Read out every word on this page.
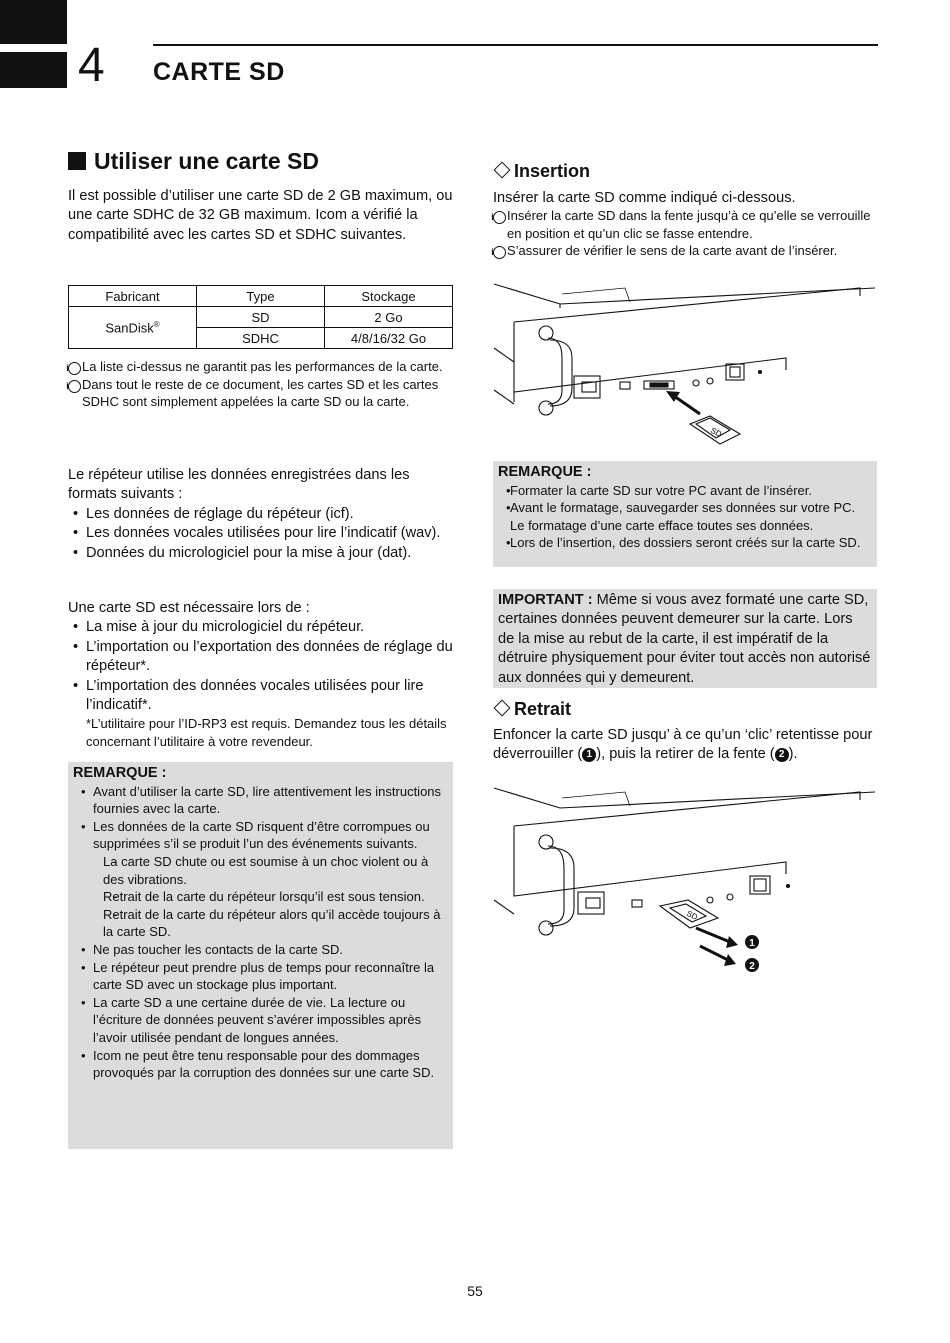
4 CARTE SD
Utiliser une carte SD
Il est possible d’utiliser une carte SD de 2 GB maximum, ou une carte SDHC de 32 GB maximum. Icom a vérifié la compatibilité avec les cartes SD et SDHC suivantes.
Fabricant	Type	Stockage
SanDisk®	SD	2 Go
	SDHC	4/8/16/32 Go
i La liste ci-dessus ne garantit pas les performances de la carte.
i Dans tout le reste de ce document, les cartes SD et les cartes SDHC sont simplement appelées la carte SD ou la carte.
Le répéteur utilise les données enregistrées dans les formats suivants :
• Les données de réglage du répéteur (icf).
• Les données vocales utilisées pour lire l’indicatif (wav).
• Données du micrologiciel pour la mise à jour (dat).
Une carte SD est nécessaire lors de :
• La mise à jour du micrologiciel du répéteur.
• L’importation ou l’exportation des données de réglage du répéteur*.
• L’importation des données vocales utilisées pour lire l’indicatif*.
*L’utilitaire pour l’ID-RP3 est requis. Demandez tous les détails concernant l’utilitaire à votre revendeur.
REMARQUE :
• Avant d’utiliser la carte SD, lire attentivement les instructions fournies avec la carte.
• Les données de la carte SD risquent d’être corrompues ou supprimées s’il se produit l’un des événements suivants.
- La carte SD chute ou est soumise à un choc violent ou à des vibrations.
- Retrait de la carte du répéteur lorsqu’il est sous tension.
- Retrait de la carte du répéteur alors qu’il accède toujours à la carte SD.
• Ne pas toucher les contacts de la carte SD.
• Le répéteur peut prendre plus de temps pour reconnaître la carte SD avec un stockage plus important.
• La carte SD a une certaine durée de vie. La lecture ou l’écriture de données peuvent s’avérer impossibles après l’avoir utilisée pendant de longues années.
• Icom ne peut être tenu responsable pour des dommages provoqués par la corruption des données sur une carte SD.
Insertion
Insérer la carte SD comme indiqué ci-dessous.
i Insérer la carte SD dans la fente jusqu’à ce qu’elle se verrouille en position et qu’un clic se fasse entendre.
i S’assurer de vérifier le sens de la carte avant de l’insérer.
SD
REMARQUE :
• Formater la carte SD sur votre PC avant de l’insérer.
• Avant le formatage, sauvegarder ses données sur votre PC. Le formatage d’une carte efface toutes ses données.
• Lors de l’insertion, des dossiers seront créés sur la carte SD.
IMPORTANT : Même si vous avez formaté une carte SD, certaines données peuvent demeurer sur la carte. Lors de la mise au rebut de la carte, il est impératif de la détruire physiquement pour éviter tout accès non autorisé aux données qui y demeurent.
Retrait
Enfoncer la carte SD jusqu’ à ce qu’un ‘clic’ retentisse pour déverrouiller ( 1 ), puis la retirer de la fente ( 2 ).
SD
1
2
55
